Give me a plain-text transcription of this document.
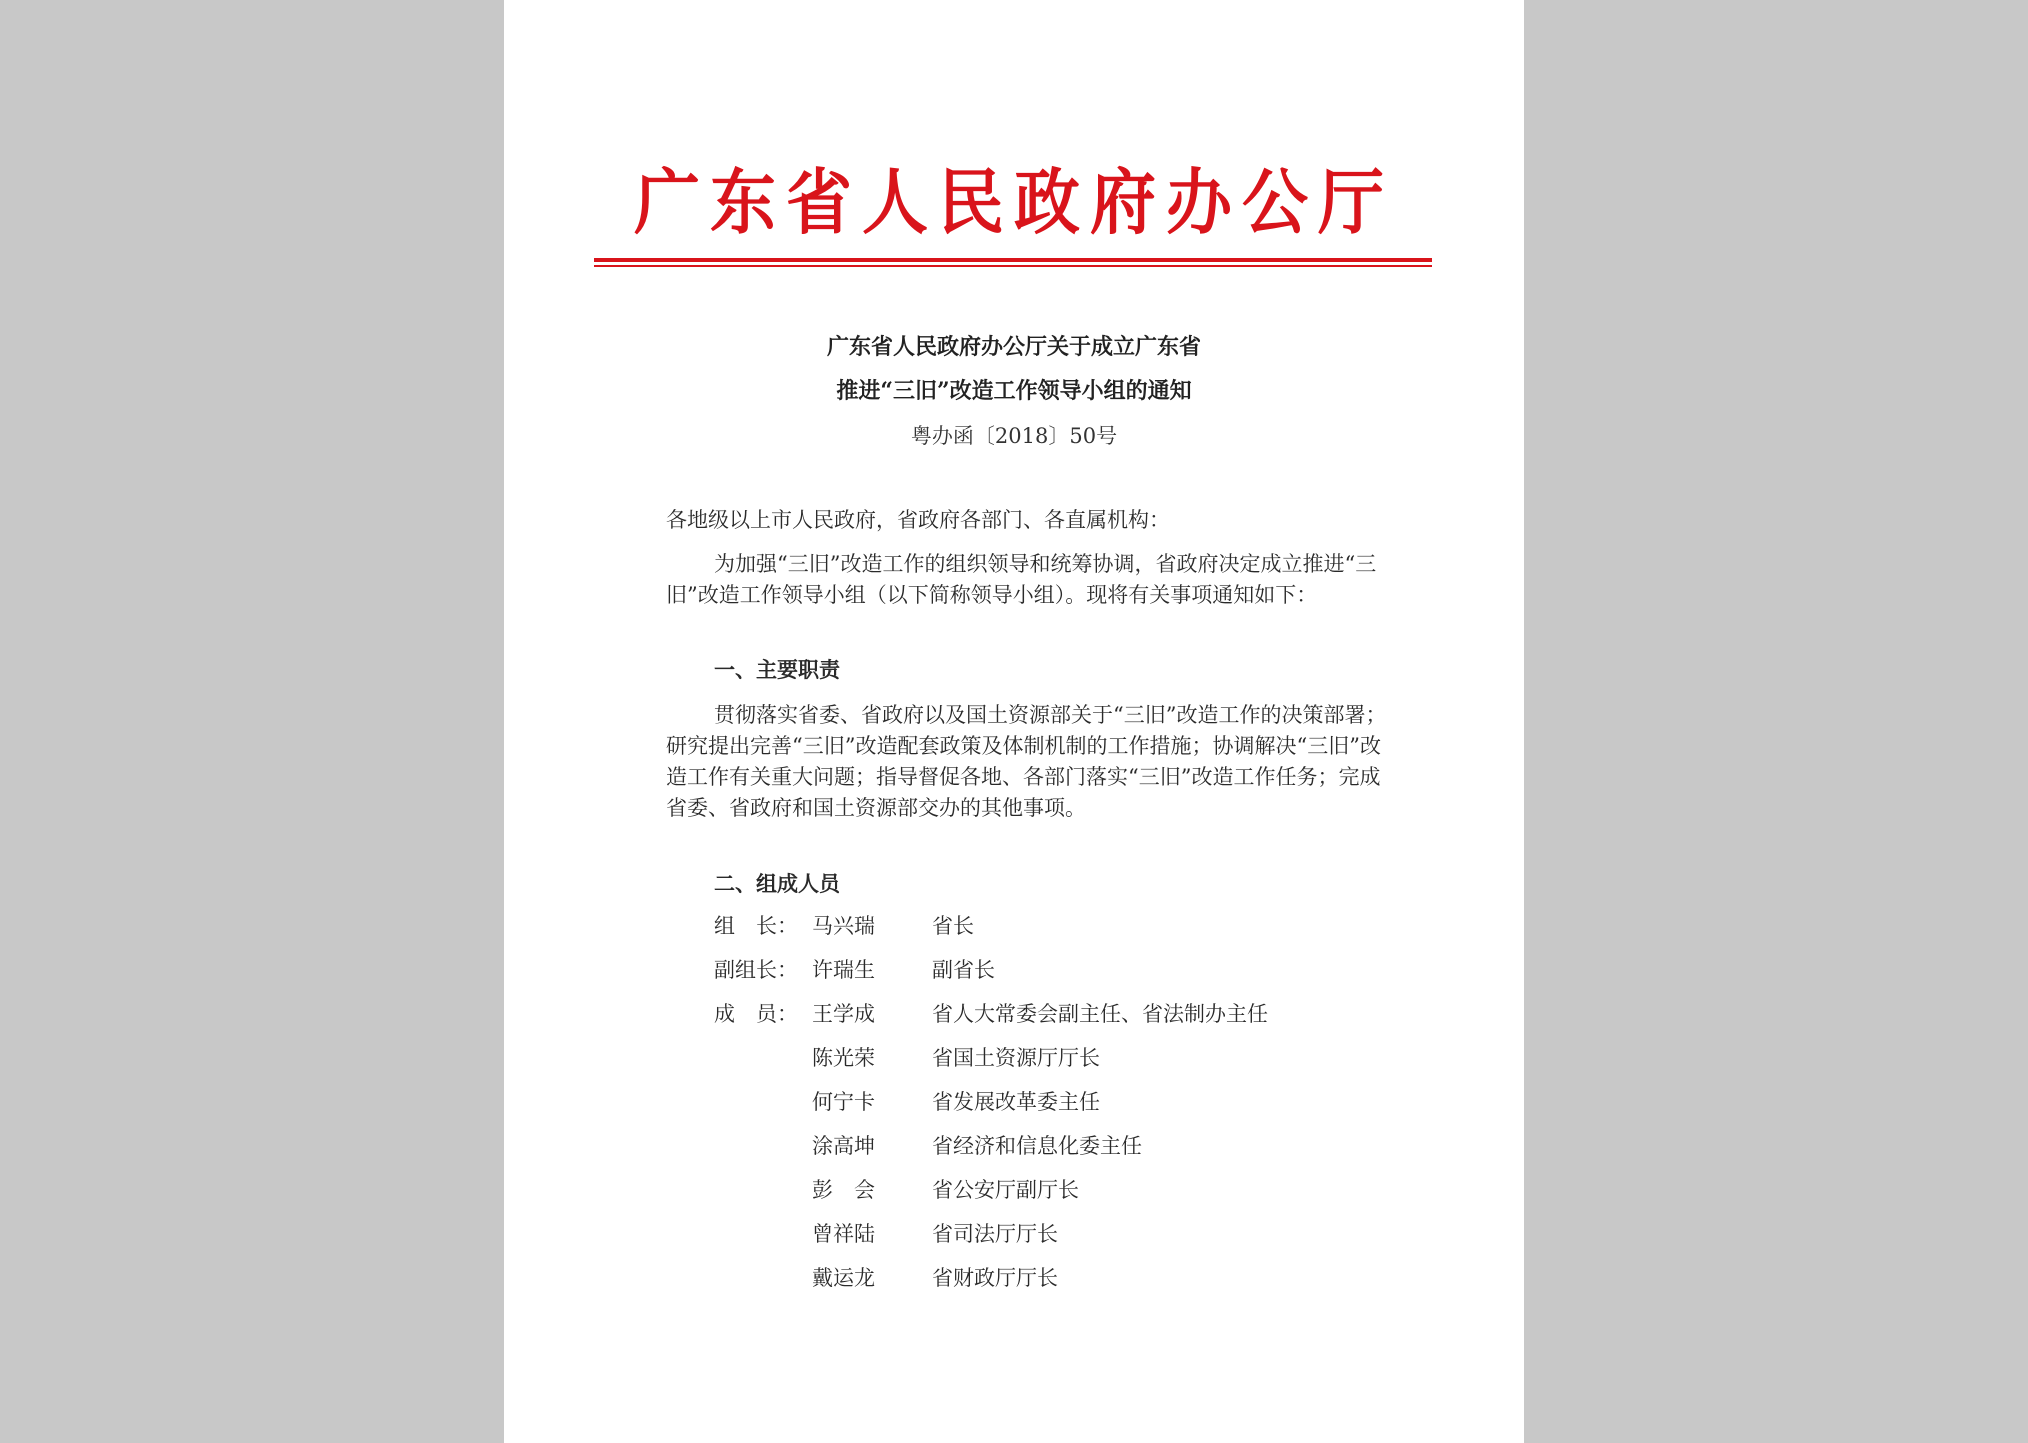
广东省人民政府办公厅
广东省人民政府办公厅关于成立广东省
推进“三旧”改造工作领导小组的通知
粤办函〔2018〕50号
各地级以上市人民政府，省政府各部门、各直属机构：
为加强“三旧”改造工作的组织领导和统筹协调，省政府决定成立推进“三旧”改造工作领导小组（以下简称领导小组）。现将有关事项通知如下：
一、主要职责
贯彻落实省委、省政府以及国土资源部关于“三旧”改造工作的决策部署；研究提出完善“三旧”改造配套政策及体制机制的工作措施；协调解决“三旧”改造工作有关重大问题；指导督促各地、各部门落实“三旧”改造工作任务；完成省委、省政府和国土资源部交办的其他事项。
二、组成人员
组　长： 马兴瑞	省长
副组长： 许瑞生	副省长
成　员： 王学成	省人大常委会副主任、省法制办主任
陈光荣	省国土资源厅厅长
何宁卡	省发展改革委主任
涂高坤	省经济和信息化委主任
彭　会	省公安厅副厅长
曾祥陆	省司法厅厅长
戴运龙	省财政厅厅长
